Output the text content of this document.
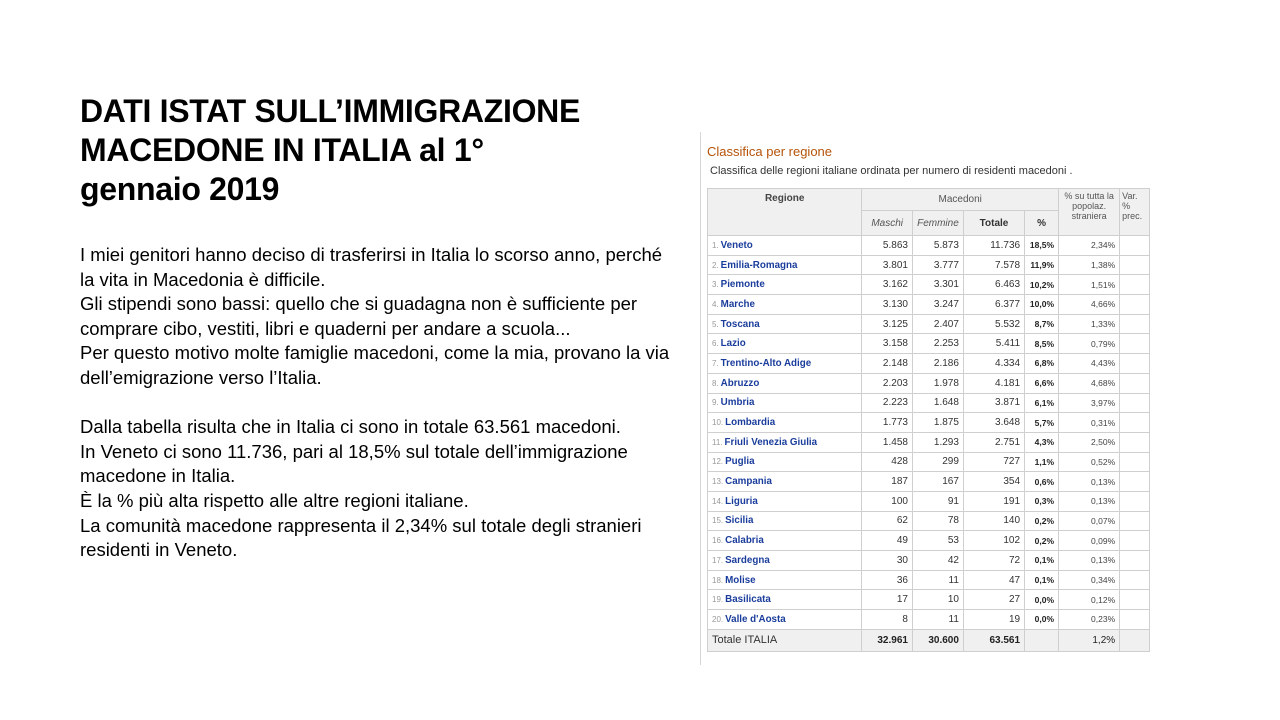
DATI ISTAT SULL’IMMIGRAZIONE
MACEDONE IN ITALIA al 1°
gennaio 2019

I miei genitori hanno deciso di trasferirsi in Italia lo scorso anno, perché la vita in Macedonia è difficile.

Gli stipendi sono bassi: quello che si guadagna non è sufficiente per comprare cibo, vestiti, libri e quaderni per andare a scuola...

Per questo motivo molte famiglie macedoni, come la mia, provano la via dell’emigrazione verso l’Italia.

Dalla tabella risulta che in Italia ci sono in totale 63.561 macedoni.

In Veneto ci sono 11.736, pari al 18,5% sul totale dell’immigrazione macedone in Italia.

È la % più alta rispetto alle altre regioni italiane.

La comunità macedone rappresenta il 2,34% sul totale degli stranieri residenti in Veneto.

Classifica per regione
Classifica delle regioni italiane ordinata per numero di residenti macedoni .
Regione	Macedoni				% su tutta la popolaz. straniera	Var. % prec.
	Maschi	Femmine	Totale	%		
1. Veneto	5.863	5.873	11.736	18,5%	2,34%	
2. Emilia-Romagna	3.801	3.777	7.578	11,9%	1,38%	
3. Piemonte	3.162	3.301	6.463	10,2%	1,51%	
4. Marche	3.130	3.247	6.377	10,0%	4,66%	
5. Toscana	3.125	2.407	5.532	8,7%	1,33%	
6. Lazio	3.158	2.253	5.411	8,5%	0,79%	
7. Trentino-Alto Adige	2.148	2.186	4.334	6,8%	4,43%	
8. Abruzzo	2.203	1.978	4.181	6,6%	4,68%	
9. Umbria	2.223	1.648	3.871	6,1%	3,97%	
10. Lombardia	1.773	1.875	3.648	5,7%	0,31%	
11. Friuli Venezia Giulia	1.458	1.293	2.751	4,3%	2,50%	
12. Puglia	428	299	727	1,1%	0,52%	
13. Campania	187	167	354	0,6%	0,13%	
14. Liguria	100	91	191	0,3%	0,13%	
15. Sicilia	62	78	140	0,2%	0,07%	
16. Calabria	49	53	102	0,2%	0,09%	
17. Sardegna	30	42	72	0,1%	0,13%	
18. Molise	36	11	47	0,1%	0,34%	
19. Basilicata	17	10	27	0,0%	0,12%	
20. Valle d'Aosta	8	11	19	0,0%	0,23%	
Totale ITALIA	32.961	30.600	63.561		1,2%	
